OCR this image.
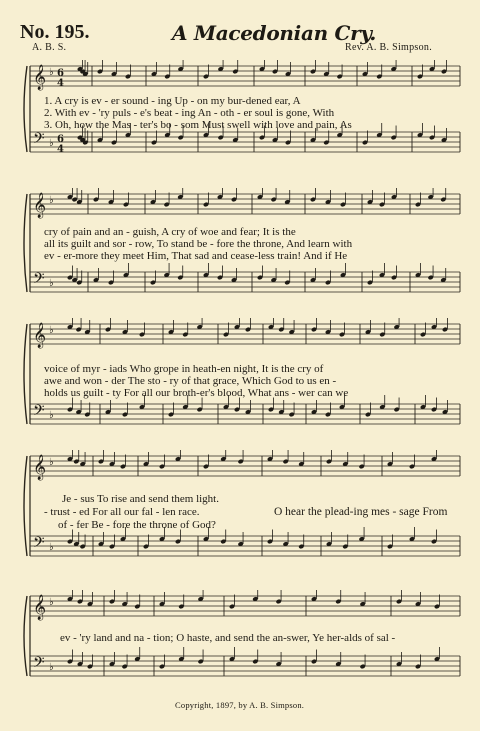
No. 195.	A Macedonian Cry.
A. B. S.	Rev. A. B. Simpson.
𝄞 ♭ 6
4
𝄢 ♭ 6
4
1. A cry is ev - er sound - ing Up - on my bur-dened ear, A
2. With ev - 'ry puls - e's beat - ing An - oth - er soul is gone, With
3. Oh, how the Mas - ter's bo - som Must swell with love and pain, As
𝄞 ♭
𝄢 ♭
cry of pain and an - guish, A cry of woe and fear; It is the
all its guilt and sor - row, To stand be - fore the throne, And learn with
ev - er-more they meet Him, That sad and cease-less train! And if He
𝄞 ♭
𝄢 ♭
voice of myr - iads Who grope in heath-en night, It is the cry of
awe and won - der The sto - ry of that grace, Which God to us en -
holds us guilt - ty For all our broth-er's blood, What ans - wer can we
𝄞 ♭
𝄢 ♭
Je - sus To rise and send them light.
- trust - ed For all our fal - len race.
of - fer Be - fore the throne of God?
O hear the plead-ing mes - sage From
𝄞 ♭
𝄢 ♭
ev - 'ry land and na - tion; O haste, and send the an-swer, Ye her-alds of sal -
Copyright, 1897, by A. B. Simpson.
